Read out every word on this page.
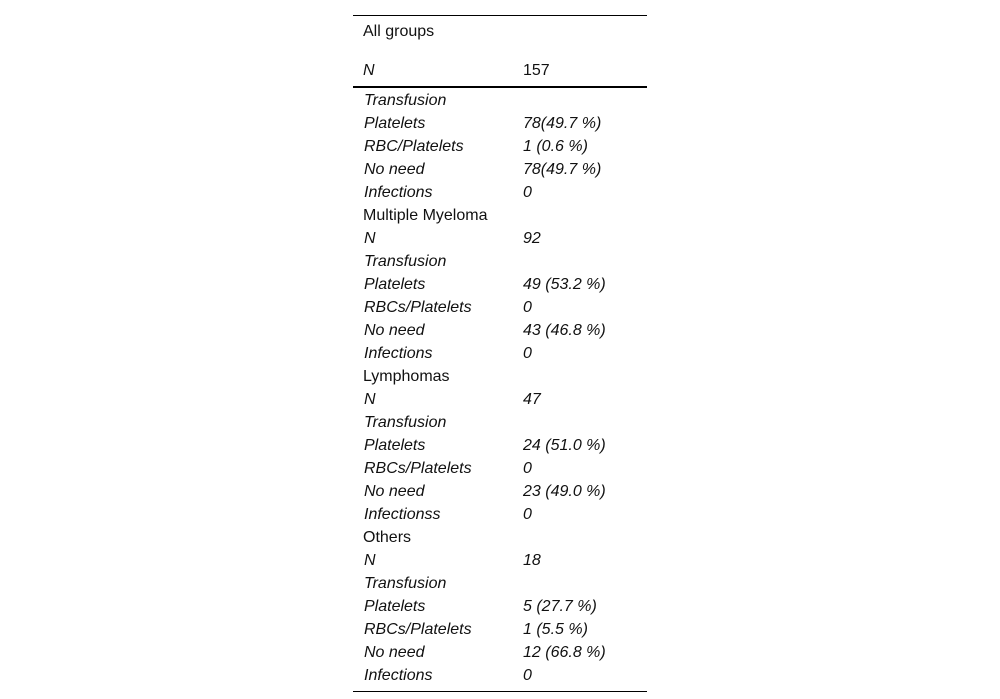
All groups
N	157
Transfusion
Platelets	78(49.7 %)
RBC/Platelets	1 (0.6 %)
No need	78(49.7 %)
Infections	0
Multiple Myeloma
N	92
Transfusion
Platelets	49 (53.2 %)
RBCs/Platelets	0
No need	43 (46.8 %)
Infections	0
Lymphomas
N	47
Transfusion
Platelets	24 (51.0 %)
RBCs/Platelets	0
No need	23 (49.0 %)
Infectionss	0
Others
N	18
Transfusion
Platelets	5 (27.7 %)
RBCs/Platelets	1 (5.5 %)
No need	12 (66.8 %)
Infections	0
